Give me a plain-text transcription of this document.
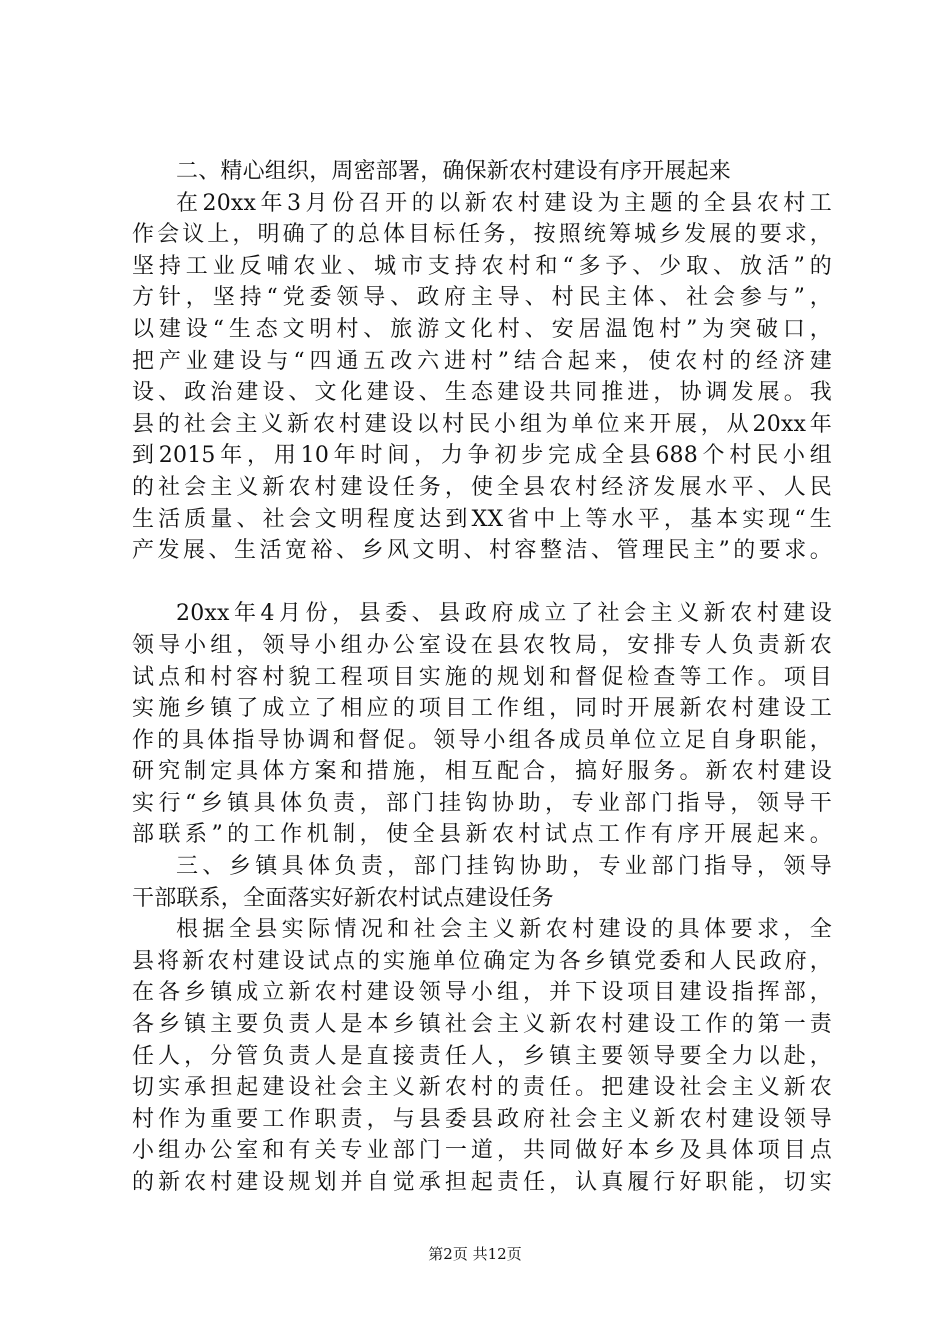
二、精心组织，周密部署，确保新农村建设有序开展起来
在20xx年3月份召开的以新农村建设为主题的全县农村工
作会议上，明确了的总体目标任务，按照统筹城乡发展的要求，
坚持工业反哺农业、城市支持农村和“多予、少取、放活”的
方针，坚持“党委领导、政府主导、村民主体、社会参与”，
以建设“生态文明村、旅游文化村、安居温饱村”为突破口，
把产业建设与“四通五改六进村”结合起来，使农村的经济建
设、政治建设、文化建设、生态建设共同推进，协调发展。我
县的社会主义新农村建设以村民小组为单位来开展，从20xx年
到2015年，用10年时间，力争初步完成全县688个村民小组
的社会主义新农村建设任务，使全县农村经济发展水平、人民
生活质量、社会文明程度达到XX省中上等水平，基本实现“生
产发展、生活宽裕、乡风文明、村容整洁、管理民主”的要求。
20xx年4月份，县委、县政府成立了社会主义新农村建设
领导小组，领导小组办公室设在县农牧局，安排专人负责新农
试点和村容村貌工程项目实施的规划和督促检查等工作。项目
实施乡镇了成立了相应的项目工作组，同时开展新农村建设工
作的具体指导协调和督促。领导小组各成员单位立足自身职能，
研究制定具体方案和措施，相互配合，搞好服务。新农村建设
实行“乡镇具体负责，部门挂钩协助，专业部门指导，领导干
部联系”的工作机制，使全县新农村试点工作有序开展起来。
三、乡镇具体负责，部门挂钩协助，专业部门指导，领导
干部联系，全面落实好新农村试点建设任务
根据全县实际情况和社会主义新农村建设的具体要求，全
县将新农村建设试点的实施单位确定为各乡镇党委和人民政府，
在各乡镇成立新农村建设领导小组，并下设项目建设指挥部，
各乡镇主要负责人是本乡镇社会主义新农村建设工作的第一责
任人，分管负责人是直接责任人，乡镇主要领导要全力以赴，
切实承担起建设社会主义新农村的责任。把建设社会主义新农
村作为重要工作职责，与县委县政府社会主义新农村建设领导
小组办公室和有关专业部门一道，共同做好本乡及具体项目点
的新农村建设规划并自觉承担起责任，认真履行好职能，切实
第2页 共12页
